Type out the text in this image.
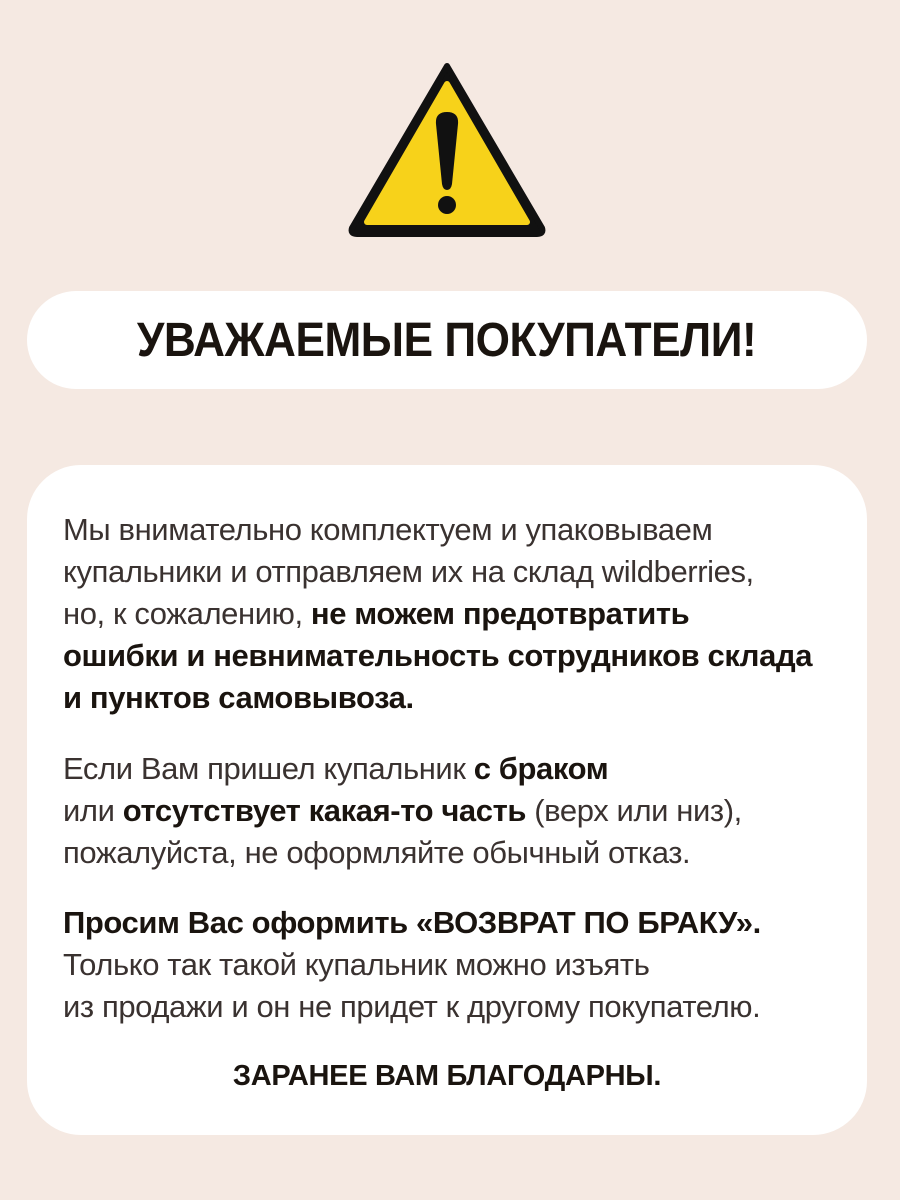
УВАЖАЕМЫЕ ПОКУПАТЕЛИ!

Мы внимательно комплектуем и упаковываем
купальники и отправляем их на склад wildberries,
но, к сожалению, не можем предотвратить
ошибки и невнимательность сотрудников склада
и пунктов самовывоза.

Если Вам пришел купальник с браком
или отсутствует какая-то часть (верх или низ),
пожалуйста, не оформляйте обычный отказ.

Просим Вас оформить «ВОЗВРАТ ПО БРАКУ».
Только так такой купальник можно изъять
из продажи и он не придет к другому покупателю.

ЗАРАНЕЕ ВАМ БЛАГОДАРНЫ.
